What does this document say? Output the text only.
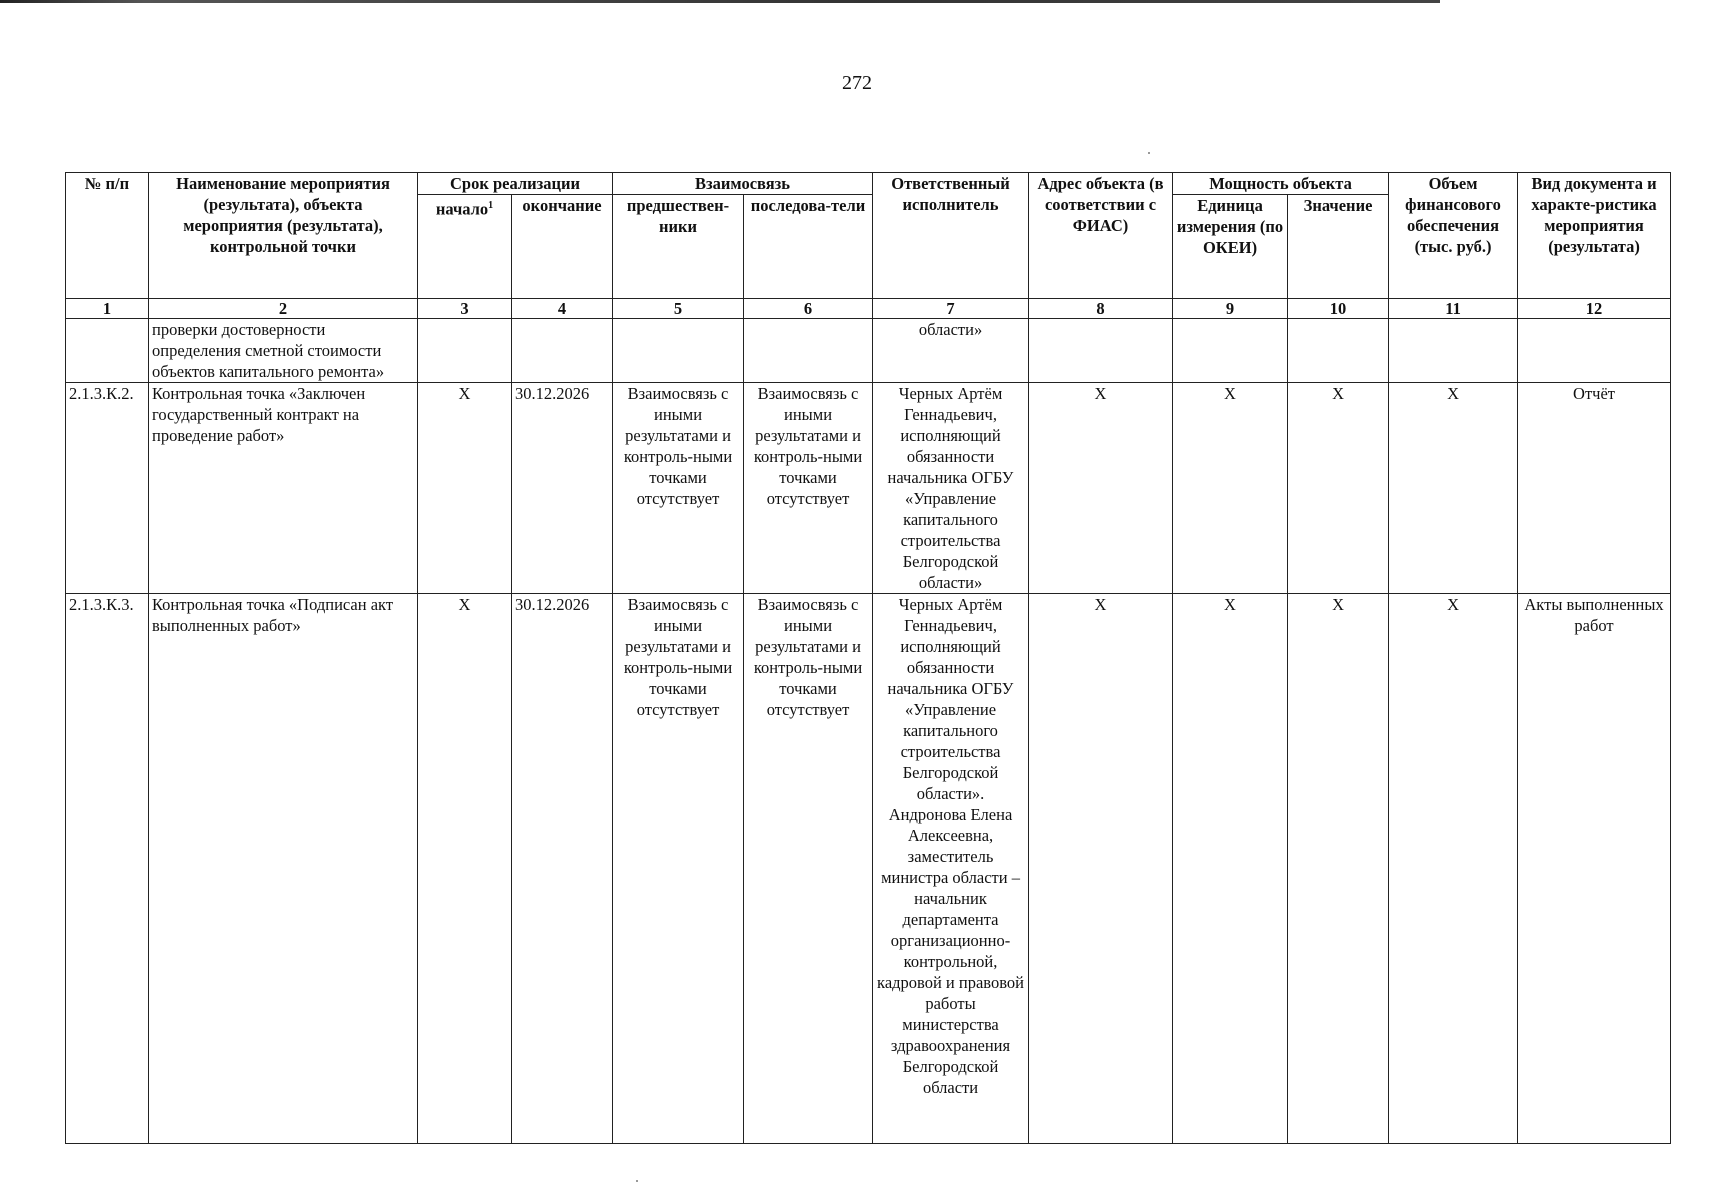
272
№ п/п	Наименование мероприятия (результата), объекта мероприятия (результата), контрольной точки	Срок реализации		Взаимосвязь		Ответственный исполнитель	Адрес объекта (в соответствии с ФИАС)	Мощность объекта		Объем финансового обеспечения (тыс. руб.)	Вид документа и характе-ристика мероприятия (результата)
		начало$^1$	окончание	предшествен-ники	последова-тели			Единица измерения (по ОКЕИ)	Значение		
1	2	3	4	5	6	7	8	9	10	11	12
	проверки достоверности определения сметной стоимости объектов капитального ремонта»					области»					
2.1.3.К.2.	Контрольная точка «Заключен государственный контракт на проведение работ»	Х	30.12.2026	Взаимосвязь с иными результатами и контроль-ными точками отсутствует	Взаимосвязь с иными результатами и контроль-ными точками отсутствует	Черных Артём Геннадьевич, исполняющий обязанности начальника ОГБУ «Управление капитального строительства Белгородской области»	Х	Х	Х	Х	Отчёт
2.1.3.К.3.	Контрольная точка «Подписан акт выполненных работ»	Х	30.12.2026	Взаимосвязь с иными результатами и контроль-ными точками отсутствует	Взаимосвязь с иными результатами и контроль-ными точками отсутствует	Черных Артём Геннадьевич, исполняющий обязанности начальника ОГБУ «Управление капитального строительства Белгородской области». Андронова Елена Алексеевна, заместитель министра области – начальник департамента организационно-контрольной, кадровой и правовой работы министерства здравоохранения Белгородской области	Х	Х	Х	Х	Акты выполненных работ
